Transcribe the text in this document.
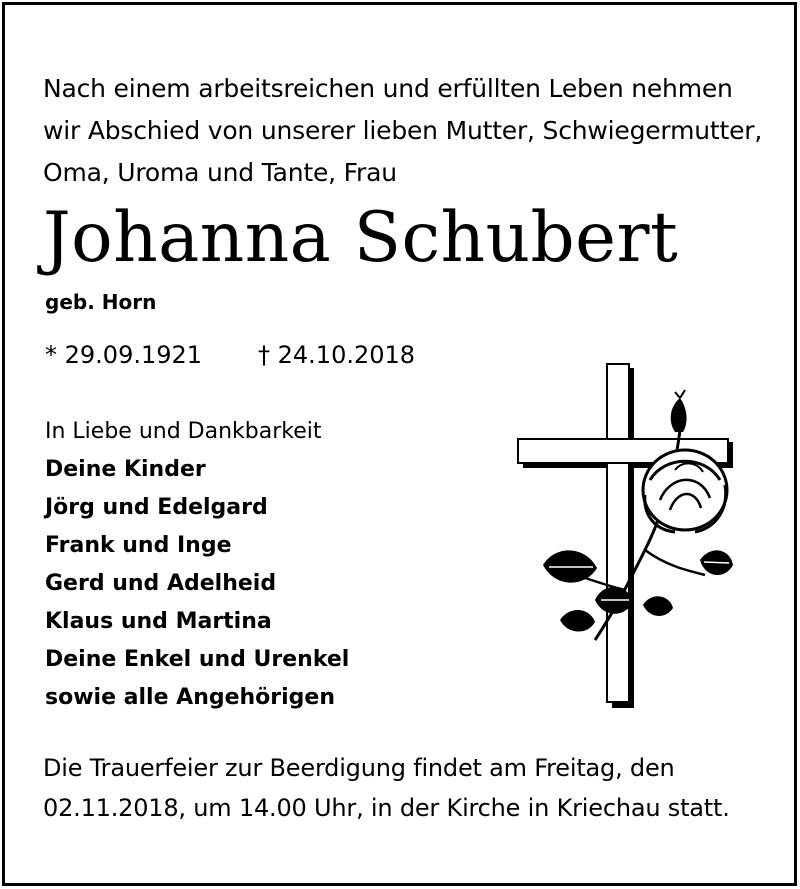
Nach einem arbeitsreichen und erfüllten Leben nehmen
wir Abschied von unserer lieben Mutter, Schwiegermutter,
Oma, Uroma und Tante, Frau
Johanna Schubert
geb. Horn
* 29.09.1921 † 24.10.2018
In Liebe und Dankbarkeit
Deine Kinder
Jörg und Edelgard
Frank und Inge
Gerd und Adelheid
Klaus und Martina
Deine Enkel und Urenkel
sowie alle Angehörigen
Die Trauerfeier zur Beerdigung findet am Freitag, den
02.11.2018, um 14.00 Uhr, in der Kirche in Kriechau statt.
